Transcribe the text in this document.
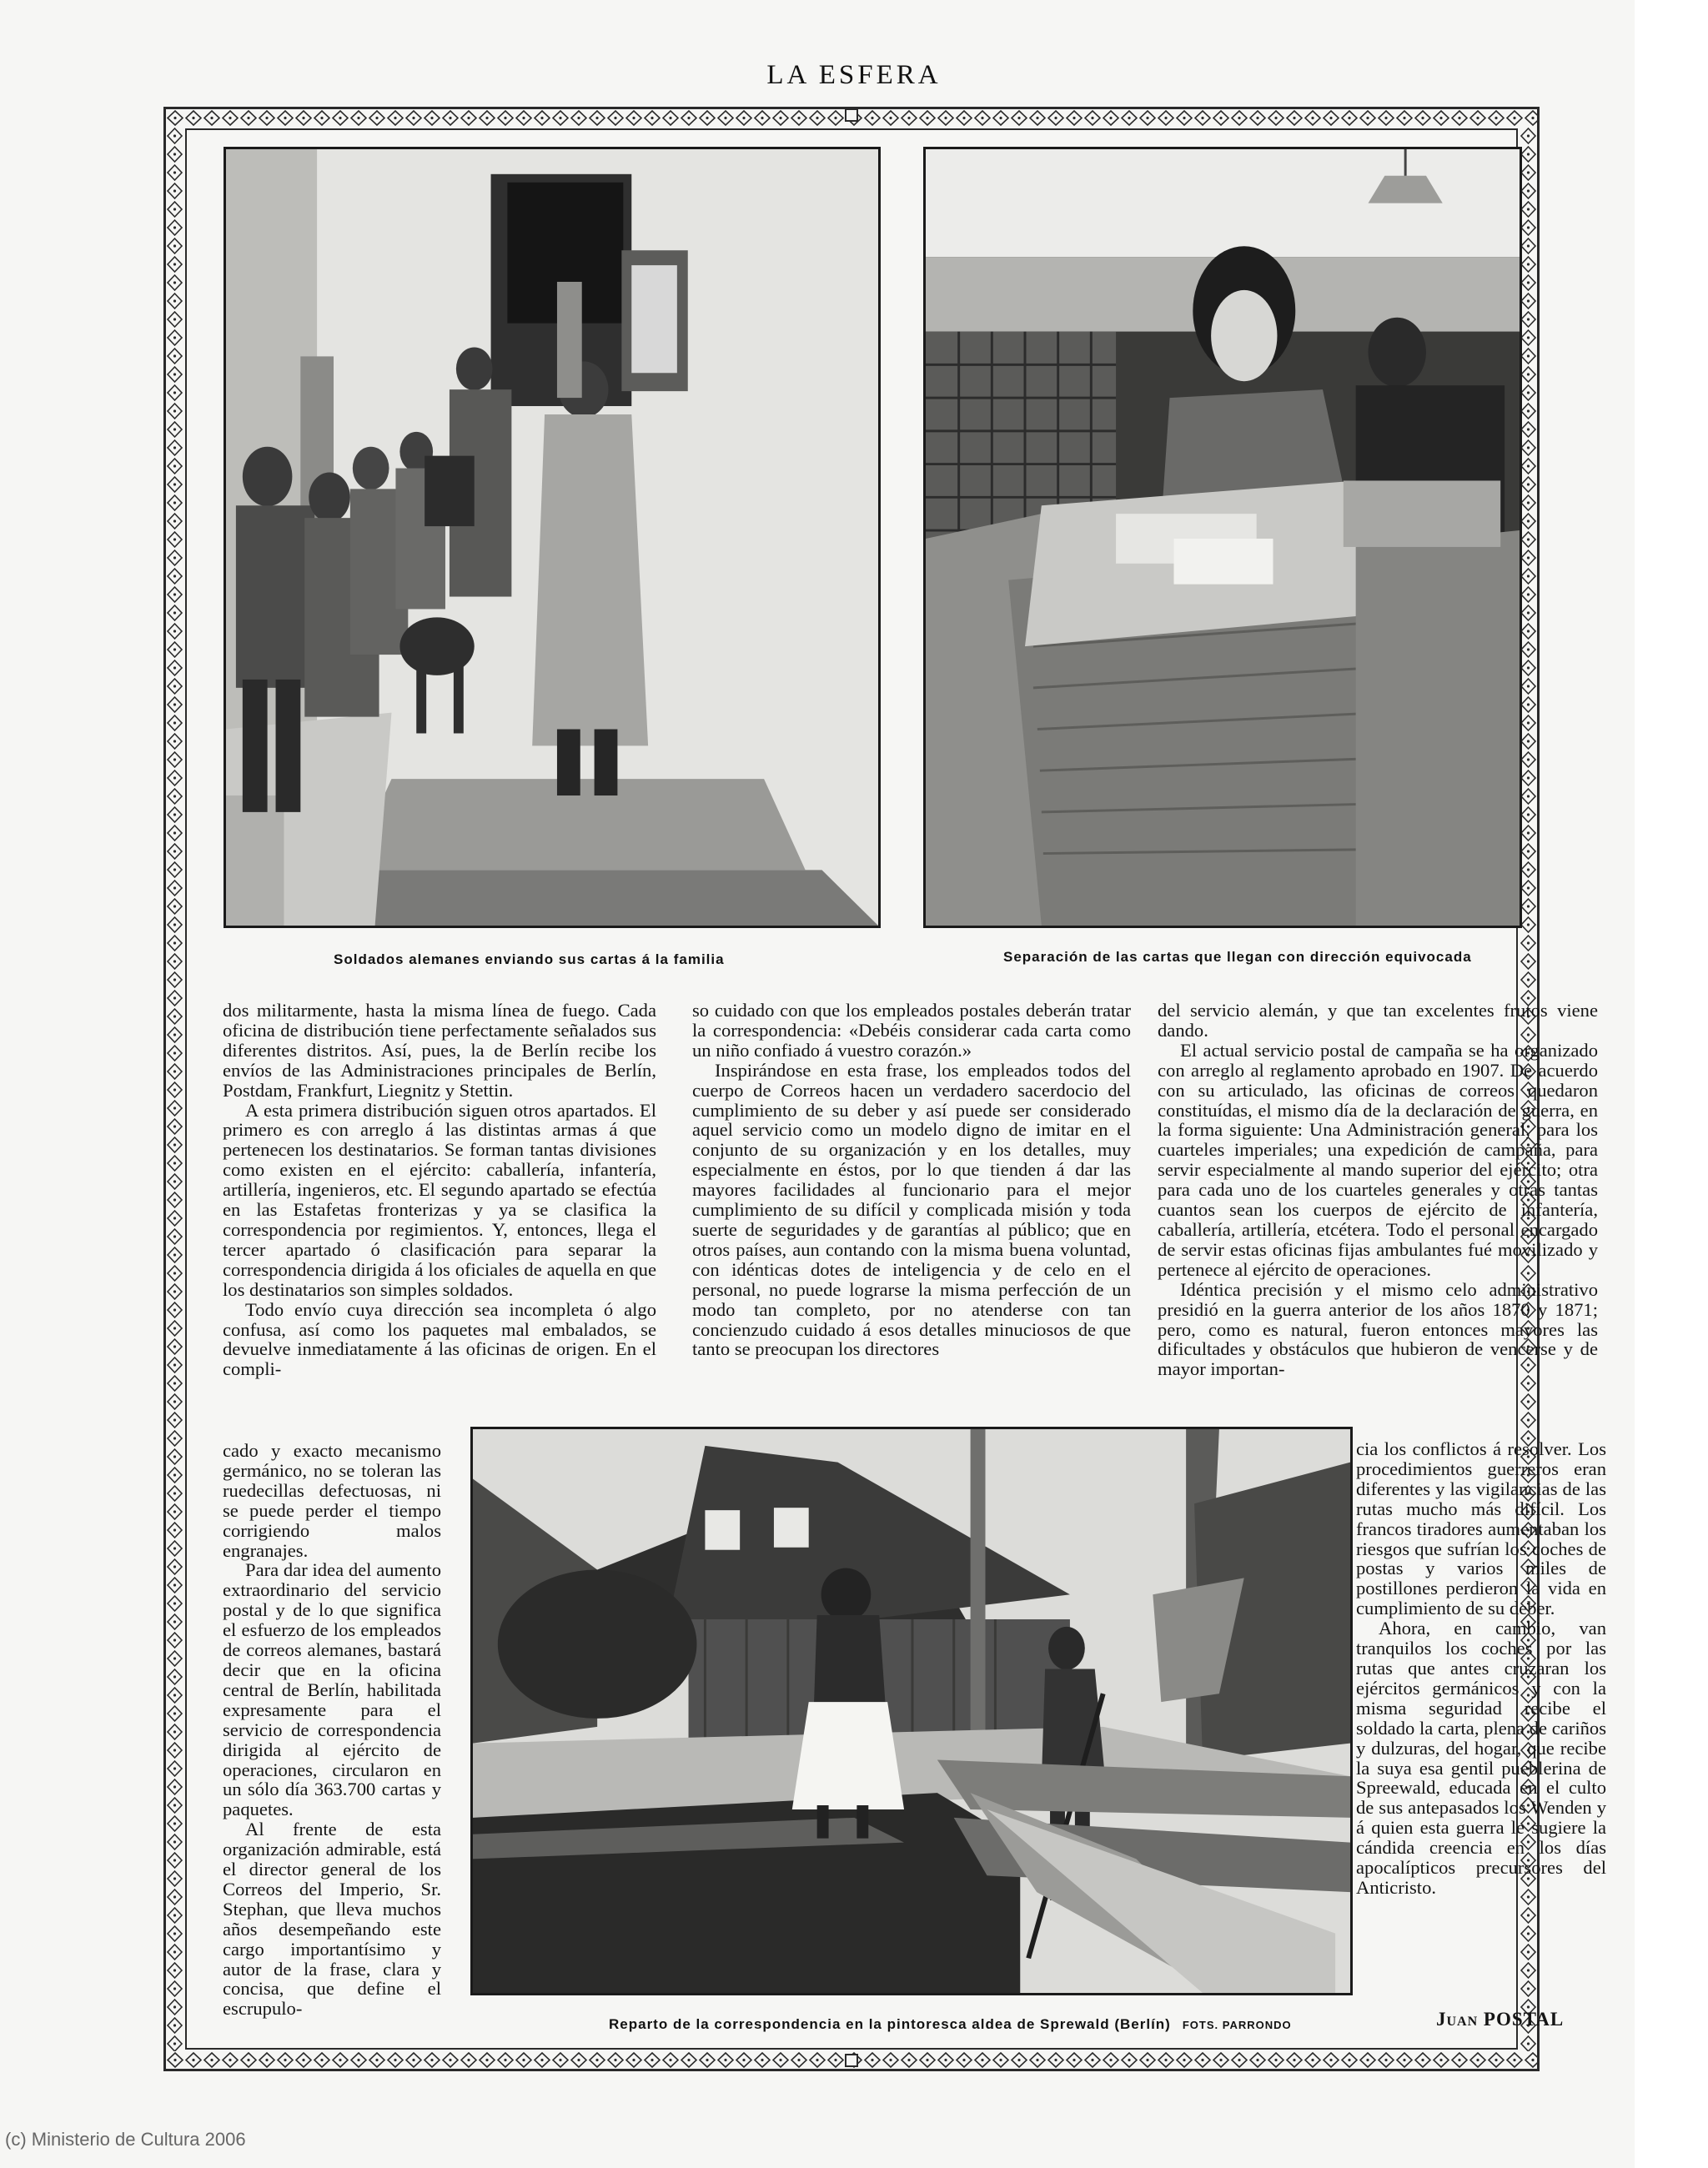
LA ESFERA
Soldados alemanes enviando sus cartas á la familia	Separación de las cartas que llegan con dirección equivocada

dos militarmente, hasta la misma línea de fuego. Cada oficina de distribución tiene perfectamente señalados sus diferentes distritos. Así, pues, la de Berlín recibe los envíos de las Administraciones principales de Berlín, Postdam, Frankfurt, Liegnitz y Stettin.

A esta primera distribución siguen otros apartados. El primero es con arreglo á las distintas armas á que pertenecen los destinatarios. Se forman tantas divisiones como existen en el ejército: caballería, infantería, artillería, ingenieros, etc. El segundo apartado se efectúa en las Estafetas fronterizas y ya se clasifica la correspondencia por regimientos. Y, entonces, llega el tercer apartado ó clasificación para separar la correspondencia dirigida á los oficiales de aquella en que los destinatarios son simples soldados.

Todo envío cuya dirección sea incompleta ó algo confusa, así como los paquetes mal embalados, se devuelve inmediatamente á las oficinas de origen. En el compli-

cado y exacto mecanismo germánico, no se toleran las ruedecillas defectuosas, ni se puede perder el tiempo corrigiendo malos engranajes.

Para dar idea del aumento extraordinario del servicio postal y de lo que significa el esfuerzo de los empleados de correos alemanes, bastará decir que en la oficina central de Berlín, habilitada expresamente para el servicio de correspondencia dirigida al ejército de operaciones, circularon en un sólo día 363.700 cartas y paquetes.

Al frente de esta organización admirable, está el director general de los Correos del Imperio, Sr. Stephan, que lleva muchos años desempeñando este cargo importantísimo y autor de la frase, clara y concisa, que define el escrupulo-

so cuidado con que los empleados postales deberán tratar la correspondencia: «Debéis considerar cada carta como un niño confiado á vuestro corazón.»

Inspirándose en esta frase, los empleados todos del cuerpo de Correos hacen un verdadero sacerdocio del cumplimiento de su deber y así puede ser considerado aquel servicio como un modelo digno de imitar en el conjunto de su organización y en los detalles, muy especialmente en éstos, por lo que tienden á dar las mayores facilidades al funcionario para el mejor cumplimiento de su difícil y complicada misión y toda suerte de seguridades y de garantías al público; que en otros países, aun contando con la misma buena voluntad, con idénticas dotes de inteligencia y de celo en el personal, no puede lograrse la misma perfección de un modo tan completo, por no atenderse con tan concienzudo cuidado á esos detalles minuciosos de que tanto se preocupan los directores

del servicio alemán, y que tan excelentes frutos viene dando.

El actual servicio postal de campaña se ha organizado con arreglo al reglamento aprobado en 1907. De acuerdo con su articulado, las oficinas de correos quedaron constituídas, el mismo día de la declaración de guerra, en la forma siguiente: Una Administración general, para los cuarteles imperiales; una expedición de campaña, para servir especialmente al mando superior del ejército; otra para cada uno de los cuarteles generales y otras tantas cuantos sean los cuerpos de ejército de infantería, caballería, artillería, etcétera. Todo el personal encargado de servir estas oficinas fijas ambulantes fué movilizado y pertenece al ejército de operaciones.

Idéntica precisión y el mismo celo administrativo presidió en la guerra anterior de los años 1870 y 1871; pero, como es natural, fueron entonces mayores las dificultades y obstáculos que hubieron de vencerse y de mayor importan-

cia los conflictos á resolver. Los procedimientos guerreros eran diferentes y las vigilancias de las rutas mucho más difícil. Los francos tiradores aumentaban los riesgos que sufrían los coches de postas y varios miles de postillones perdieron la vida en cumplimiento de su deber.

Ahora, en cambio, van tranquilos los coches por las rutas que antes cruzaran los ejércitos germánicos y con la misma seguridad recibe el soldado la carta, plena de cariños y dulzuras, del hogar, que recibe la suya esa gentil pueblerina de Spreewald, educada en el culto de sus antepasados los Wenden y á quien esta guerra le sugiere la cándida creencia en los días apocalípticos precursores del Anticristo.

Reparto de la correspondencia en la pintoresca aldea de Sprewald (Berlín) FOTS. PARRONDO	Juan POSTAL
(c) Ministerio de Cultura 2006
